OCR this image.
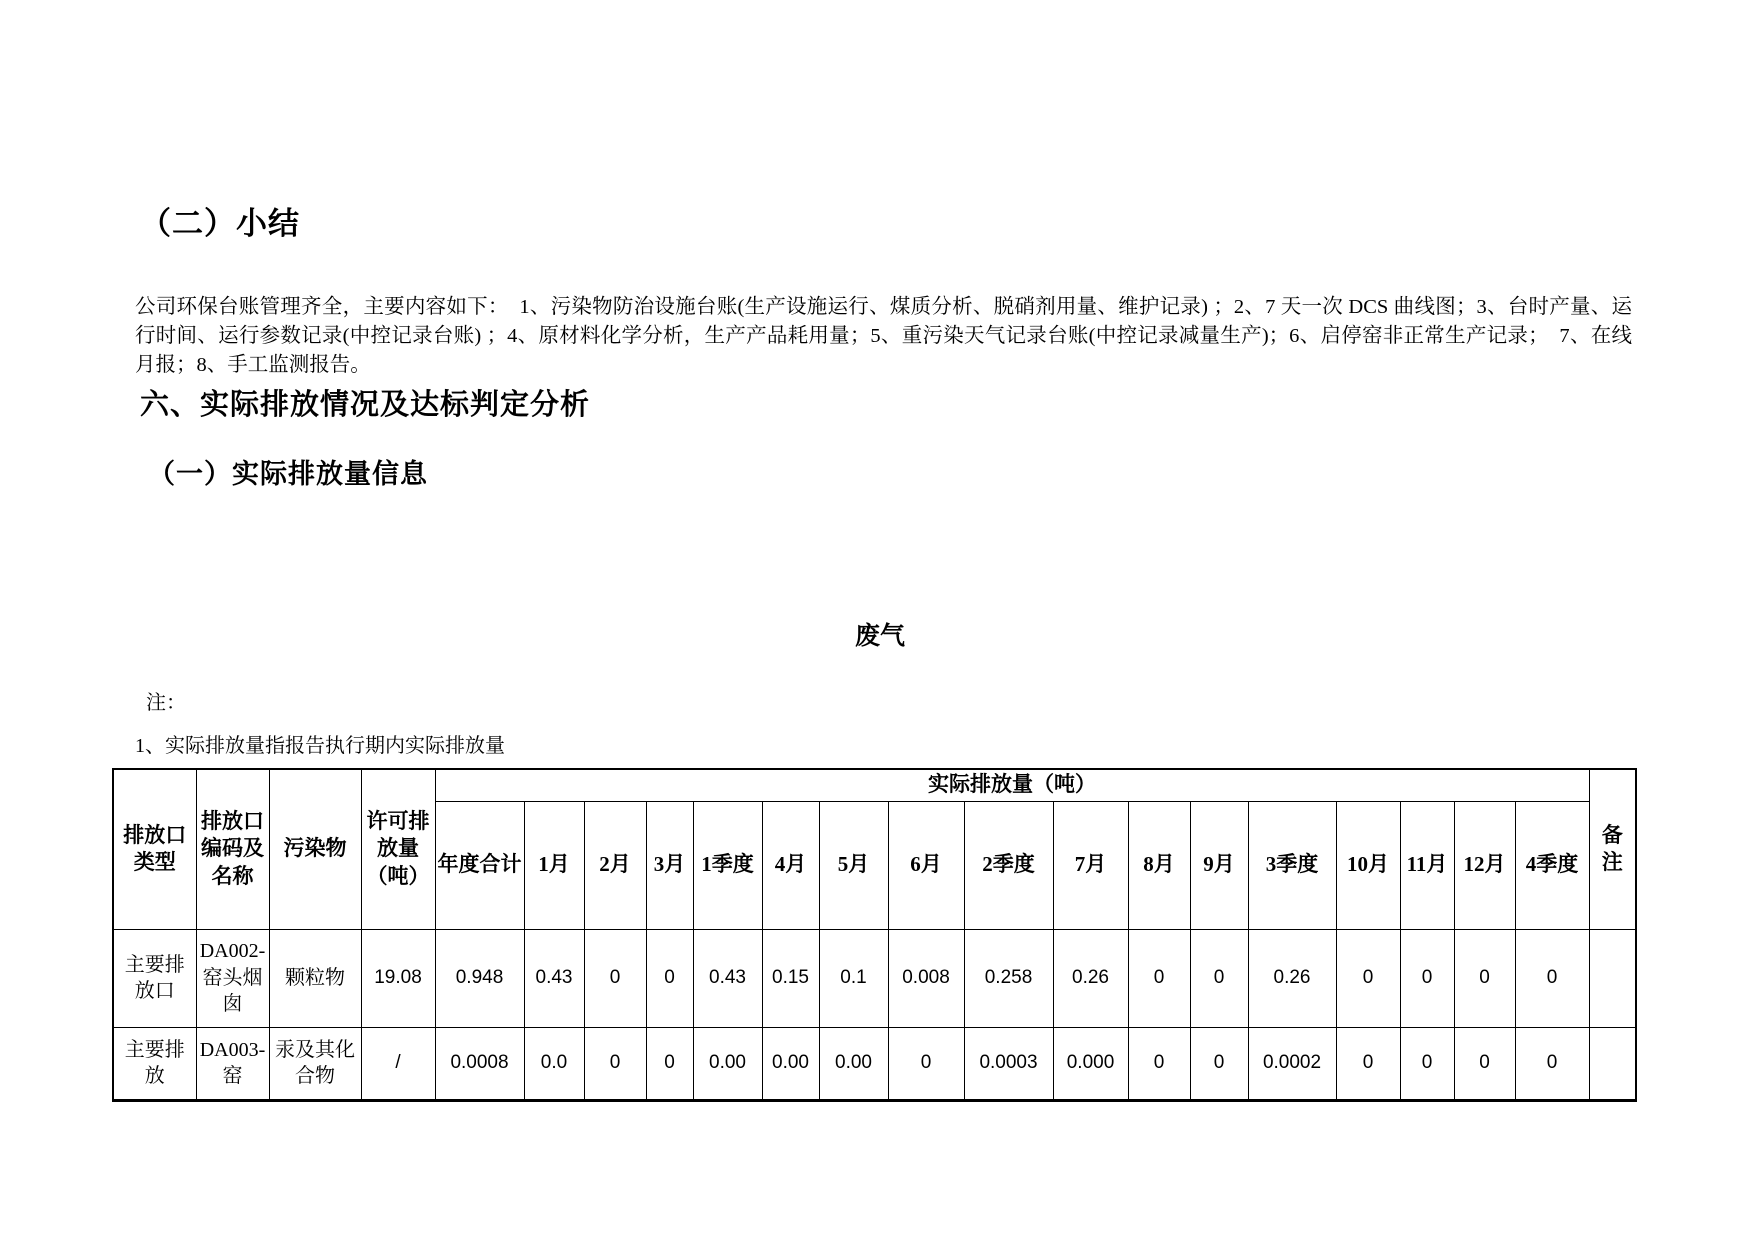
（二）小结
公司环保台账管理齐全，主要内容如下：  1、污染物防治设施台账(生产设施运行、煤质分析、脱硝剂用量、维护记录) ；2、7 天一次 DCS 曲线图；3、台时产量、运行时间、运行参数记录(中控记录台账) ；4、原材料化学分析，生产产品耗用量；5、重污染天气记录台账(中控记录减量生产)；6、启停窑非正常生产记录；  7、在线月报；8、手工监测报告。
六、实际排放情况及达标判定分析
（一）实际排放量信息
废气
注：
1、实际排放量指报告执行期内实际排放量
排放口类型	排放口编码及名称	污染物	许可排放量（吨）	实际排放量（吨）																	备注
				年度合计	1月	2月	3月	1季度	4月	5月	6月	2季度	7月	8月	9月	3季度	10月	11月	12月	4季度	
主要排放口	DA002-窑头烟囱	颗粒物	19.08	0.948	0.43	0	0	0.43	0.15	0.1	0.008	0.258	0.26	0	0	0.26	0	0	0	0	
主要排放	DA003-窑	汞及其化合物	/	0.0008	0.0	0	0	0.00	0.00	0.00	0	0.0003	0.000	0	0	0.0002	0	0	0	0	
